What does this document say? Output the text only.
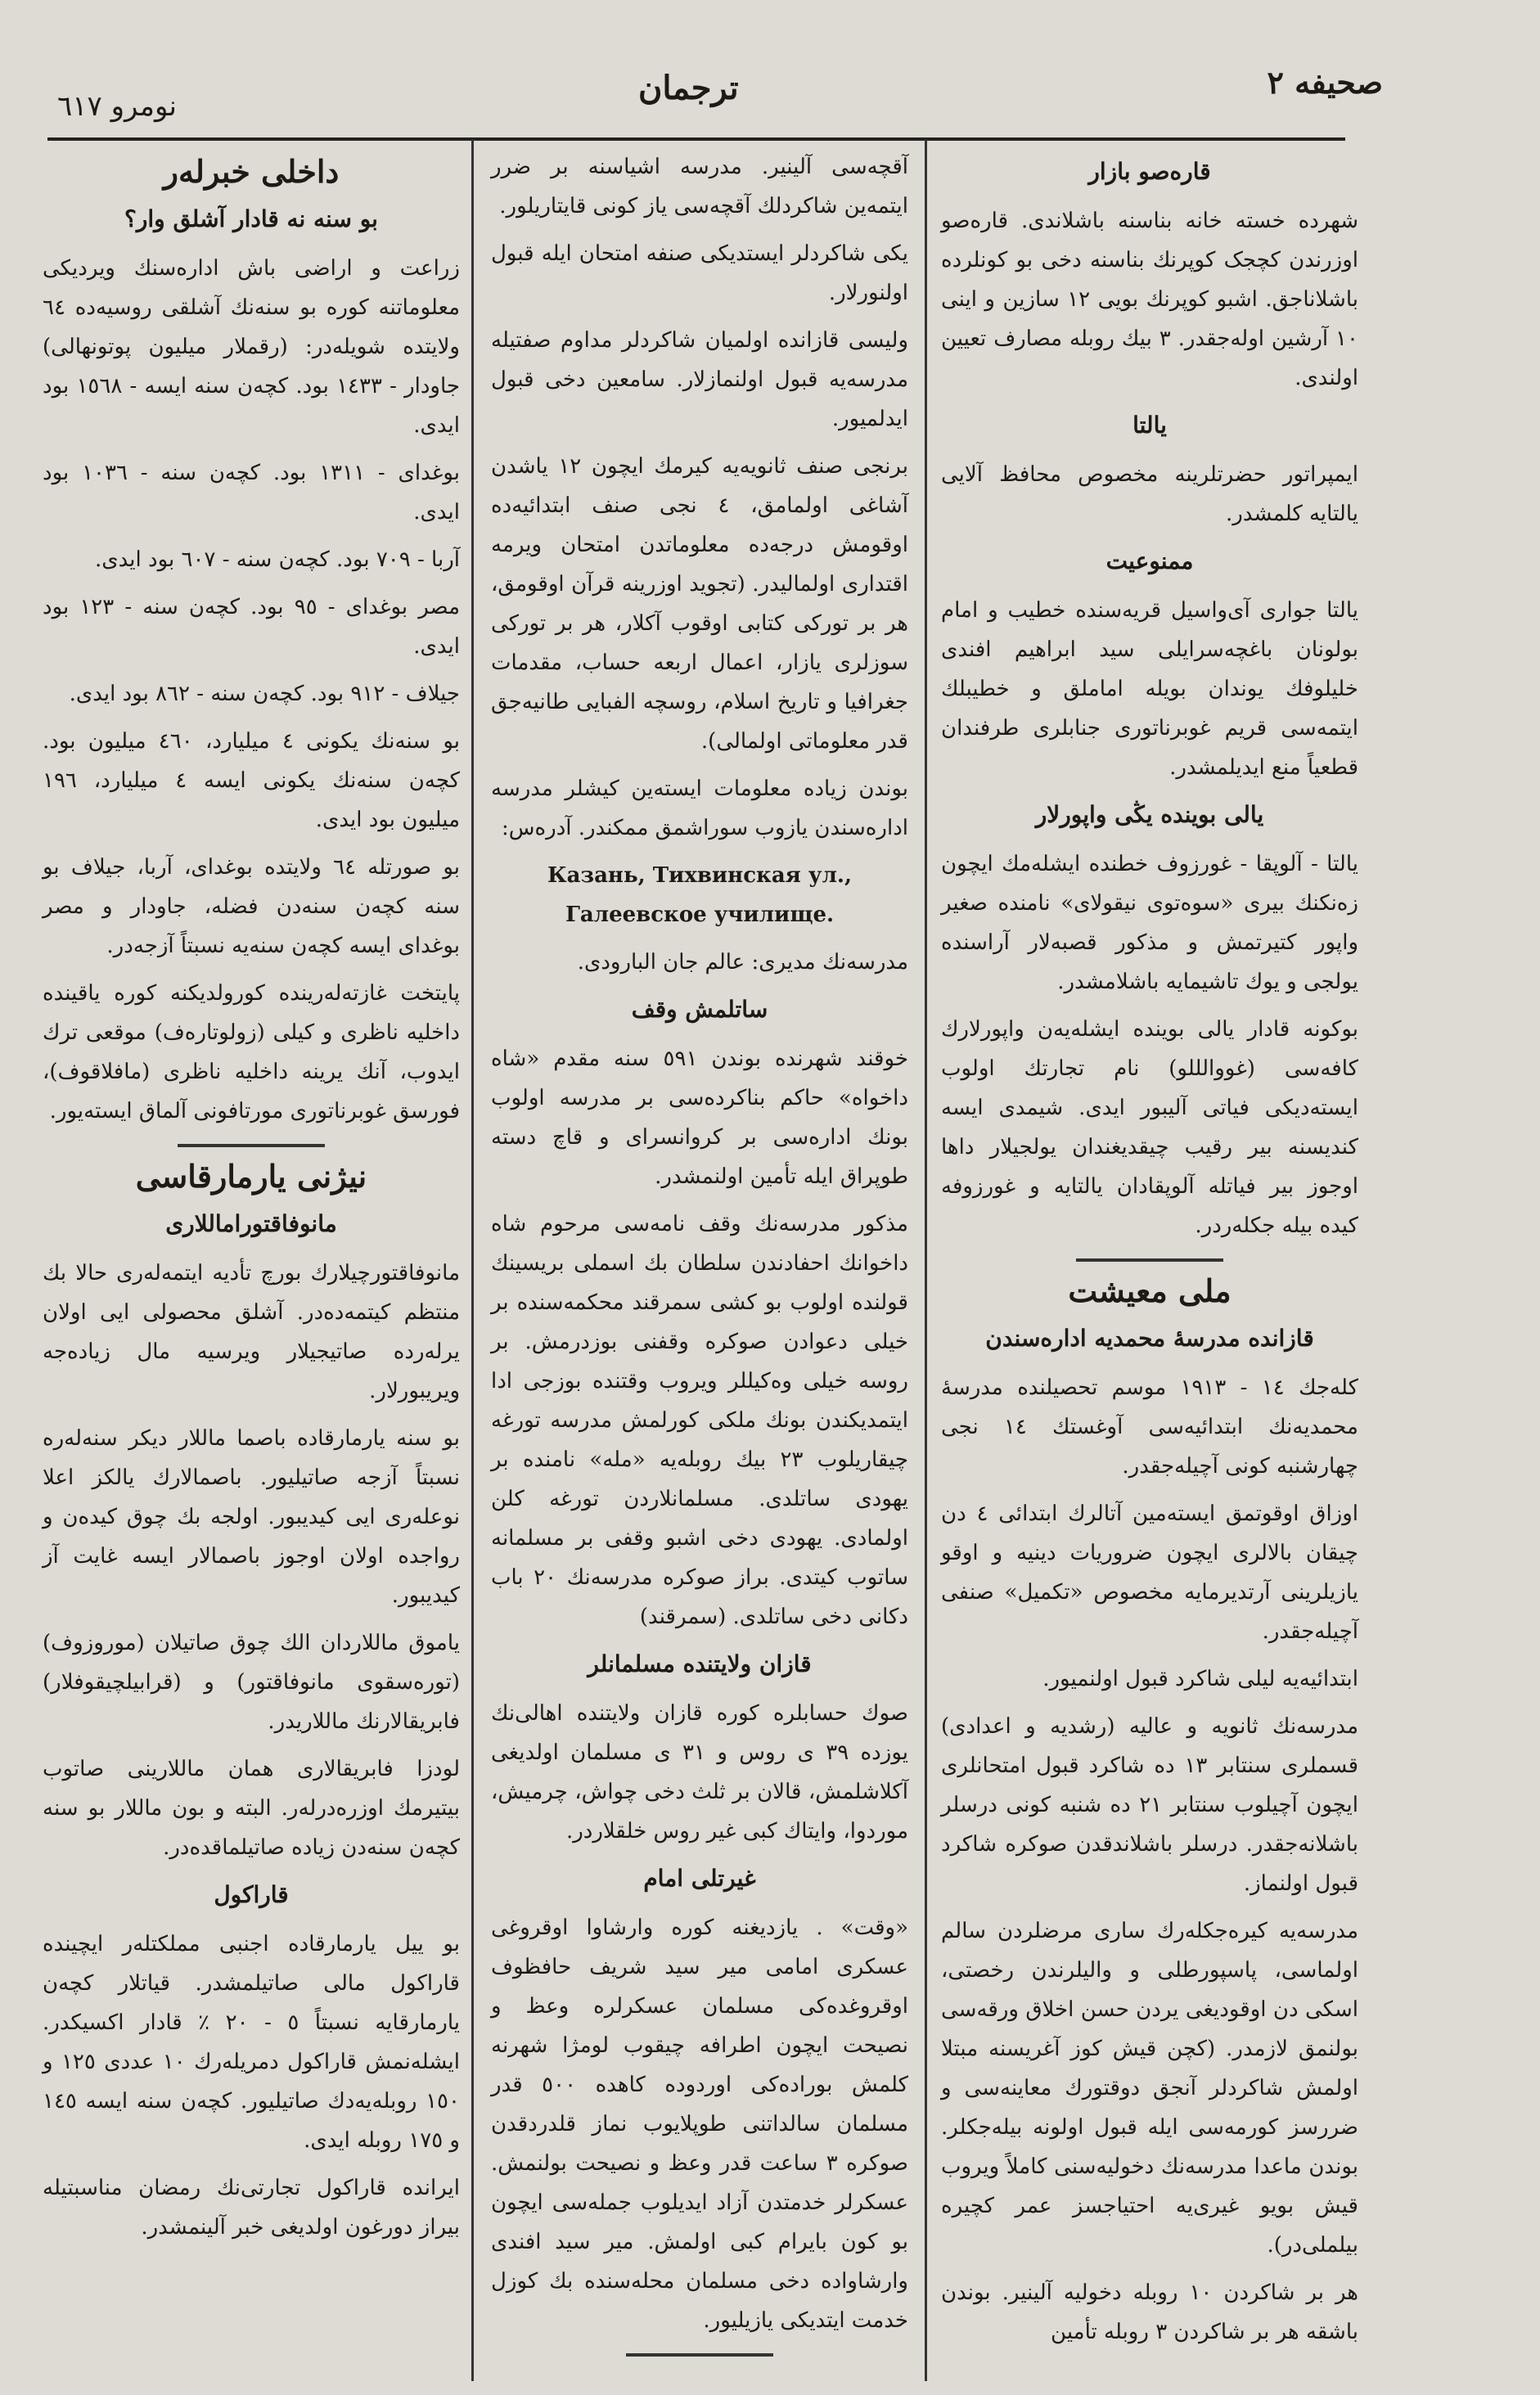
نومرو ٦١٧	ترجمان	صحیفه ٢
قارەصو بازار

شهرده خسته خانه بناسنه باشلاندی. قارەصو اوزرندن کچجک کوپرنك بناسنه دخی بو کونلرده باشلاناجق. اشبو کوپرنك بویی ١٢ سازین و اینی ١٠ آرشین اولەجقدر. ٣ بيك روبله مصارف تعیین اولندی.

یالتا

ایمپراتور حضرتلرینه مخصوص محافظ آلایی یالتایه کلمشدر.

ممنوعیت

یالتا جواری آی‌واسیل قریه‌سنده خطیب و امام بولونان باغچه‌سرایلی سید ابراهیم افندی خلیلوفك یوندان بویله اماملق و خطیبلك ایتمه‌سی قریم غوبرناتوری جنابلری طرفندان قطعیاً منع ایدیلمشدر.

یالی بوینده یڭی واپورلار

یالتا - آلوپقا - غورزوف خطنده ایشلەمك ایچون زەنکنك بیری «سوەتوی نیقولای» نامنده صغیر واپور کتیرتمش و مذکور قصبەلار آراسنده یولجی و یوك تاشیمایه باشلامشدر.

بوکونه قادار یالی بوینده ایشلەیەن واپورلارك کافه‌سی (غووالللو) نام تجارتك اولوب ایسته‌دیکی فیاتی آلیبور ایدی. شیمدی ایسه کندیسنه بیر رقیب چیقدیغندان یولجیلار داها اوجوز بیر فیاتله آلوپقادان یالتایه و غورزوفه کیده بیله جکلەردر.

ملی معیشت
قازانده مدرسهٔ محمدیه ادارەسندن

کلەجك ١٤ - ١٩١٣ موسم تحصیلنده مدرسهٔ محمدیه‌نك ابتدائیه‌سی آوغستك ١٤ نجی چهارشنبه کونی آچیلەجقدر.

اوزاق اوقوتمق ایسته‌مین آتالرك ابتدائی ٤ دن چیقان بالالری ایچون ضروریات دینیه و اوقو یازیلرینی آرتدیرمایه مخصوص «تکمیل» صنفی آچیلەجقدر.

ابتدائیه‌یه لیلی شاکرد قبول اولنمیور.

مدرسه‌نك ثانویه و عالیه (رشدیه و اعدادی) قسملری سنتابر ١٣ ده شاکرد قبول امتحانلری ایچون آچیلوب سنتابر ٢١ ده شنبه کونی درسلر باشلانەجقدر. درسلر باشلاندقدن صوکره شاکرد قبول اولنماز.

مدرسه‌یه کیره‌جکلەرك ساری مرضلردن سالم اولماسی، پاسپورطلی و والیلرندن رخصتی، اسکی دن اوقودیغی یردن حسن اخلاق ورقه‌سی بولنمق لازمدر. (کچن قیش کوز آغریسنه مبتلا اولمش شاکردلر آنجق دوقتورك معاینه‌سی و ضررسز کورمه‌سی ایله قبول اولونه بیلەجکلر. بوندن ماعدا مدرسه‌نك دخولیه‌سنی کاملاً ویروب قیش بویو غیری‌یه احتیاجسز عمر کچیره بیلملی‌در).

هر بر شاکردن ١٠ روبله دخولیه آلینیر. بوندن باشقه هر بر شاکردن ٣ روبله تأمین

آقچه‌سی آلینیر. مدرسه اشیاسنه بر ضرر ایتمه‌ین شاکردلك آقچه‌سی یاز کونی قایتاریلور.

یکی شاکردلر ایستدیکی صنفه امتحان ایله قبول اولنورلار.

ولیسی قازانده اولمیان شاکردلر مداوم صفتیله مدرسه‌یه قبول اولنمازلار. سامعین دخی قبول ایدلمیور.

برنجی صنف ثانویه‌یه کیرمك ایچون ١٢ یاشدن آشاغی اولمامق، ٤ نجی صنف ابتدائیه‌ده اوقومش درجەده معلوماتدن امتحان ویرمه اقتدارى اولمالیدر. (تجوید اوزرینه قرآن اوقومق، هر بر تورکی کتابی اوقوب آکلار، هر بر تورکی سوزلری یازار، اعمال اربعه حساب، مقدمات جغرافیا و تاریخ اسلام، روسچه الفبایی طانیه‌جق قدر معلوماتی اولمالی).

بوندن زیاده معلومات ایسته‌ین کیشلر مدرسه ادارەسندن یازوب سوراشمق ممکندر. آدرەس:

Казань, Тихвинская ул., Галеевское училище.

مدرسه‌نك مدیری: عالم جان البارودی.

ساتلمش وقف

خوقند شهرنده بوندن ٥٩١ سنه مقدم «شاه داخواه» حاکم بناکرده‌سی بر مدرسه اولوب بونك ادارەسی بر کروانسرای و قاچ دسته طوپراق ایله تأمین اولنمشدر.

مذکور مدرسه‌نك وقف نامه‌سی مرحوم شاه داخوانك احفادندن سلطان بك اسملی بریسینك قولنده اولوب بو کشی سمرقند محکمه‌سنده بر خیلی دعوادن صوکره وقفنی بوزدرمش. بر روسه خیلی وه‌کیللر ویروب وقتنده بوزجی ادا ایتمدیکندن بونك ملکی کورلمش مدرسه تورغه چیقاریلوب ٢٣ بیك روبله‌یه «مله» نامنده بر یهودی ساتلدی. مسلمانلاردن تورغه کلن اولمادی. یهودی دخی اشبو وقفی بر مسلمانه ساتوب کیتدی. براز صوکره مدرسه‌نك ٢٠ باب دکانی دخی ساتلدی. (سمرقند)

قازان ولایتنده مسلمانلر

صوك حسابلره کوره قازان ولایتنده اهالی‌نك یوزده ٣٩ ی روس و ٣١ ی مسلمان اولدیغی آکلاشلمش، قالان بر ثلث دخی چواش، چرمیش، موردوا، وایتاك کبی غیر روس خلقلاردر.

غیرتلی امام

«وقت» . یازدیغنه کوره وارشاوا اوقروغی عسکری امامی میر سید شریف حافظوف اوقروغده‌کی مسلمان عسکرلره وعظ و نصیحت ایچون اطرافه چیقوب لومژا شهرنه کلمش بوراده‌کی اوردوده کاهده ٥٠٠ قدر مسلمان سالداتنی طوپلایوب نماز قلدردقدن صوکره ٣ ساعت قدر وعظ و نصیحت بولنمش. عسکرلر خدمتدن آزاد ایدیلوب جمله‌سی ایچون بو کون بایرام کبی اولمش. میر سید افندی وارشاواده دخی مسلمان محله‌سنده بك کوزل خدمت ایتدیکی یازیلیور.

داخلی خبرلەر
بو سنه نه قادار آشلق وار؟

زراعت و اراضی باش ادارەسنك ویردیکی معلوماتنه کوره بو سنه‌نك آشلقی روسیه‌ده ٦٤ ولایتده شویله‌در: (رقملار میلیون پوتونهالی) جاودار - ١٤٣٣ بود. کچەن سنه ایسه - ١٥٦٨ بود ایدی.

بوغدای - ١٣١١ بود. کچەن سنه - ١٠٣٦ بود ایدی.

آربا - ٧٠٩ بود. کچەن سنه - ٦٠٧ بود ایدی.

مصر بوغدای - ٩٥ بود. کچەن سنه - ١٢٣ بود ایدی.

جیلاف - ٩١٢ بود. کچەن سنه - ٨٦٢ بود ایدی.

بو سنه‌نك یکونی ٤ میلیارد، ٤٦٠ میلیون بود. کچەن سنه‌نك یکونی ایسه ٤ میلیارد، ١٩٦ میلیون بود ایدی.

بو صورتله ٦٤ ولایتده بوغدای، آربا، جیلاف بو سنه کچەن سنه‌دن فضله، جاودار و مصر بوغدای ایسه کچەن سنه‌یه نسبتاً آزجه‌در.

پایتخت غازته‌لەرینده کورولدیکنه کوره یاقینده داخلیه ناظری و کیلی (زولوتارەف) موقعی ترك ایدوب، آنك یرینه داخلیه ناظری (مافلاقوف)، فورسق غوبرناتوری مورتافونی آلماق ایسته‌یور.

نیژنی یارمارقاسی
مانوفاقتوراماللاری

مانوفاقتورچیلارك بورچ تأدیه ایتمەلەری حالا بك منتظم کیتمه‌ده‌در. آشلق محصولی ایی اولان یرلەرده صاتیجیلار ویرسیه مال زیاده‌جه ویریبورلار.

بو سنه یارمارقاده باصما ماللار دیکر سنەلەره نسبتاً آزجه صاتیلیور. باصمالارك یالکز اعلا نوعلەری ایی کیدیبور. اولجه بك چوق کیدەن و رواجده اولان اوجوز باصمالار ایسه غایت آز کیدیبور.

یاموق ماللاردان الك چوق صاتیلان (موروزوف) (تورەسقوی مانوفاقتور) و (قرابیلچیقوفلار) فابریقالارنك ماللاریدر.

لودزا فابریقالاری همان ماللارینی صاتوب بیتیرمك اوزره‌درلەر. البته و بون ماللار بو سنه کچەن سنه‌دن زیاده صاتیلماقده‌در.

قاراکول

بو ییل یارمارقاده اجنبی مملکتلەر ایچیندە قاراکول مالی صاتیلمشدر. قیاتلار کچەن یارمارقایه نسبتاً ٥ - ٢٠ ٪ قادار اکسیکدر. ایشلەنمش قاراکول دمریلەرك ١٠ عددی ١٢٥ و ١٥٠ روبلەیەدك صاتیلیور. کچەن سنه ایسه ١٤٥ و ١٧٥ روبله ایدی.

ایرانده قاراکول تجارتی‌نك رمضان مناسبتیله بیراز دورغون اولدیغی خبر آلینمشدر.
